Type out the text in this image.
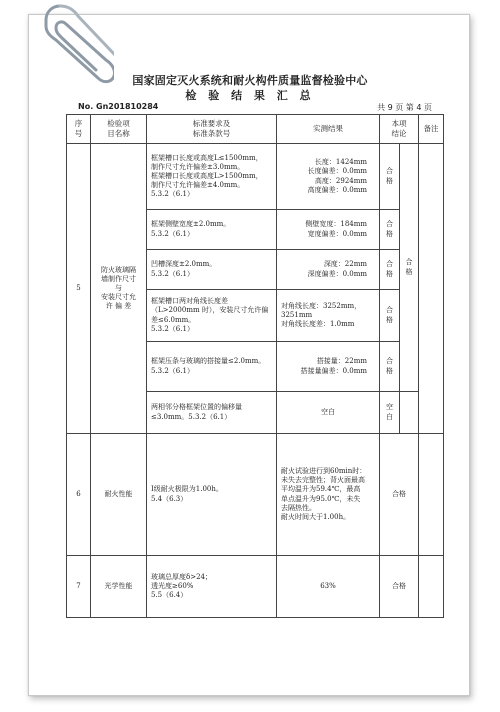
国家固定灭火系统和耐火构件质量监督检验中心
检 验 结 果 汇 总
No. Gn201810284	共 9 页 第 4 页
序
号	检验项
目名称	标准要求及
标准条款号	实测结果	本项
结论		备注
5	防火玻璃隔
墙制作尺寸
与
安装尺寸允
许 偏 差	框架槽口长度或高度L≤1500mm，
制作尺寸允许偏差±3.0mm。
框架槽口长度或高度L>1500mm，
制作尺寸允许偏差±4.0mm。
5.3.2（6.1）	长度：1424mm
长度偏差：0.0mm
高度：2924mm
高度偏差：0.0mm	合
格	合
格	
		框架侧壁宽度±2.0mm。
5.3.2（6.1）	侧壁宽度：184mm
宽度偏差：0.0mm	合
格		
		凹槽深度±2.0mm。
5.3.2（6.1）	深度：22mm
深度偏差：0.0mm	合
格		
		框架槽口两对角线长度差（L>2000mm 时），安装尺寸允许偏差≤6.0mm。
5.3.2（6.1）	对角线长度：3252mm，
3251mm
对角线长度差：1.0mm	合
格		
		框架压条与玻璃的搭接量≤2.0mm。 5.3.2（6.1）	搭接量：22mm
搭接量偏差：0.0mm	合
格		
		两相邻分格框架位置的偏移量≤3.0mm。5.3.2（6.1）	空白	空
白		
6	耐火性能	Ⅰ级耐火极限为1.00h。
5.4（6.3）	耐火试验进行到60min时：未失去完整性；背火面最高平均温升为59.4℃，最高单点温升为95.0℃，未失去隔热性。
耐火时间大于1.00h。	合格		
7	光学性能	玻璃总厚度δ>24；
透光度≥60%
5.5（6.4）	63%	合格		
